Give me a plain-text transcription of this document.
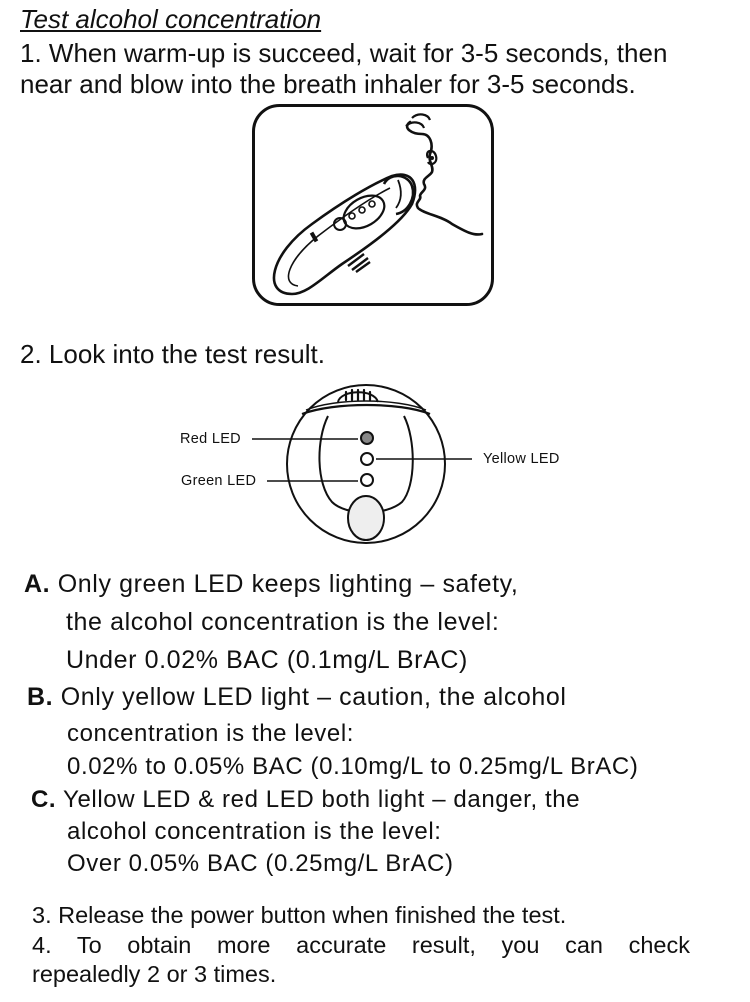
Test alcohol concentration
1. When warm-up is succeed, wait for 3-5 seconds, then
near and blow into the breath inhaler for 3-5 seconds.
2. Look into the test result.
Red LED
Green LED
Yellow LED
A. Only green LED keeps lighting – safety,
the alcohol concentration is the level:
Under 0.02% BAC (0.1mg/L BrAC)
B. Only yellow LED light – caution, the alcohol
concentration is the level:
0.02% to 0.05% BAC (0.10mg/L to 0.25mg/L BrAC)
C. Yellow LED & red LED both light – danger, the
alcohol concentration is the level:
Over 0.05% BAC (0.25mg/L BrAC)
3. Release the power button when finished the test.
4. To obtain more accurate result, you can check
repealedly 2 or 3 times.
